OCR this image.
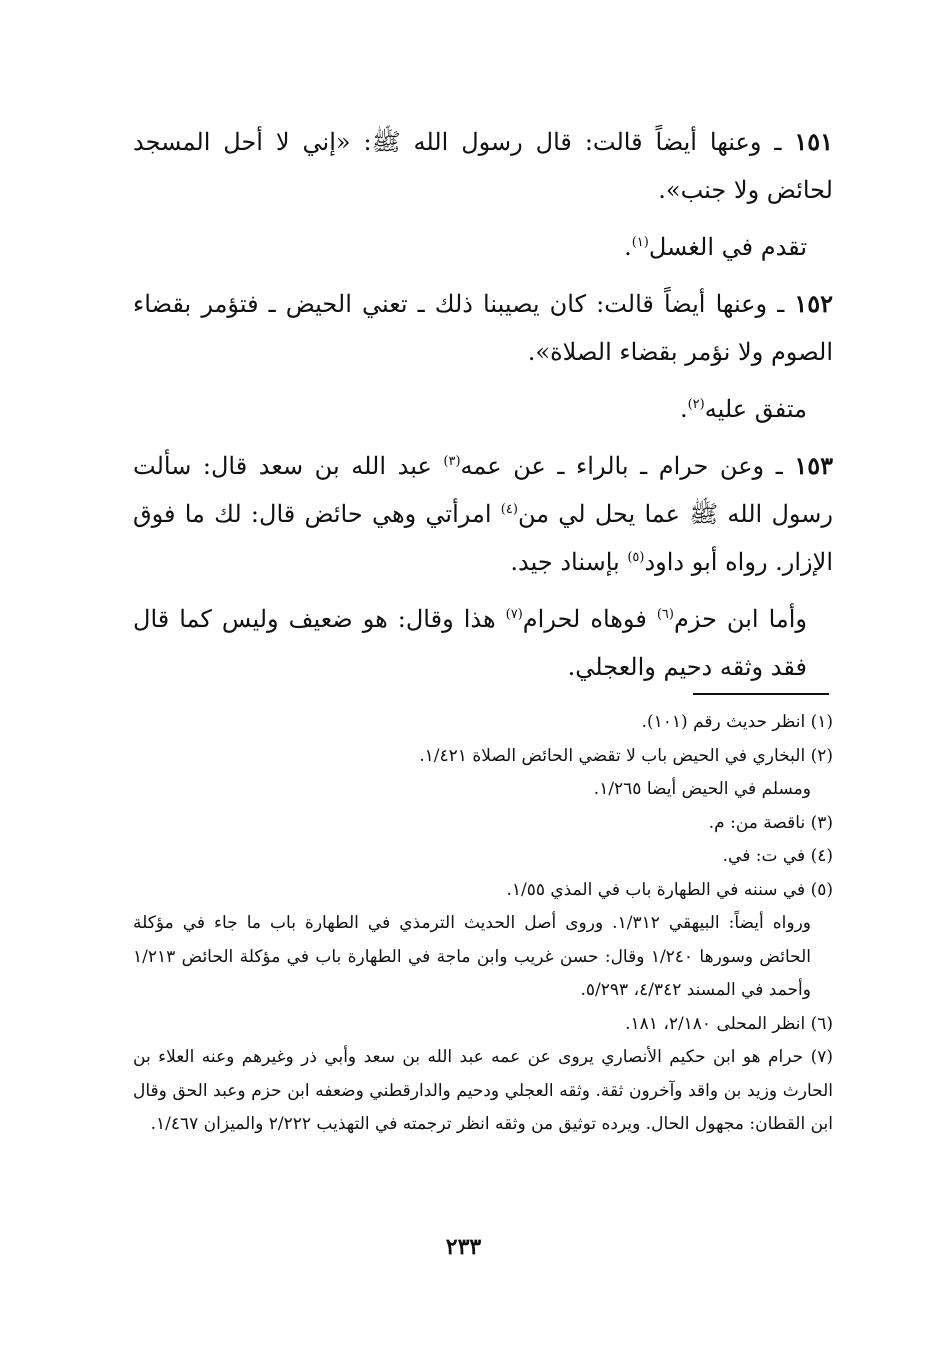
١٥١ ـ وعنها أيضاً قالت: قال رسول الله ﷺ: «إني لا أحل المسجد لحائض ولا جنب».

تقدم في الغسل$^{(١)}$.

١٥٢ ـ وعنها أيضاً قالت: كان يصيبنا ذلك ـ تعني الحيض ـ فتؤمر بقضاء الصوم ولا نؤمر بقضاء الصلاة».

متفق عليه$^{(٢)}$.

١٥٣ ـ وعن حرام ـ بالراء ـ عن عمه$^{(٣)}$ عبد الله بن سعد قال: سألت رسول الله ﷺ عما يحل لي من$^{(٤)}$ امرأتي وهي حائض قال: لك ما فوق الإزار. رواه أبو داود$^{(٥)}$ بإسناد جيد.

وأما ابن حزم$^{(٦)}$ فوهاه لحرام$^{(٧)}$ هذا وقال: هو ضعيف وليس كما قال فقد وثقه دحيم والعجلي.

(١) انظر حديث رقم (١٠١).

(٢) البخاري في الحيض باب لا تقضي الحائض الصلاة ١/٤٢١.

ومسلم في الحيض أيضا ١/٢٦٥.

(٣) ناقصة من: م.

(٤) في ت: في.

(٥) في سننه في الطهارة باب في المذي ١/٥٥.

ورواه أيضاً: البيهقي ١/٣١٢. وروى أصل الحديث الترمذي في الطهارة باب ما جاء في مؤكلة الحائض وسورها ١/٢٤٠ وقال: حسن غريب وابن ماجة في الطهارة باب في مؤكلة الحائض ١/٢١٣ وأحمد في المسند ٤/٣٤٢، ٥/٢٩٣.

(٦) انظر المحلى ٢/١٨٠، ١٨١.

(٧) حرام هو ابن حكيم الأنصاري يروى عن عمه عبد الله بن سعد وأبي ذر وغيرهم وعنه العلاء بن الحارث وزيد بن واقد وآخرون ثقة. وثقه العجلي ودحيم والدارقطني وضعفه ابن حزم وعبد الحق وقال ابن القطان: مجهول الحال. ويرده توثيق من وثقه انظر ترجمته في التهذيب ٢/٢٢٢ والميزان ١/٤٦٧.

٢٣٣
